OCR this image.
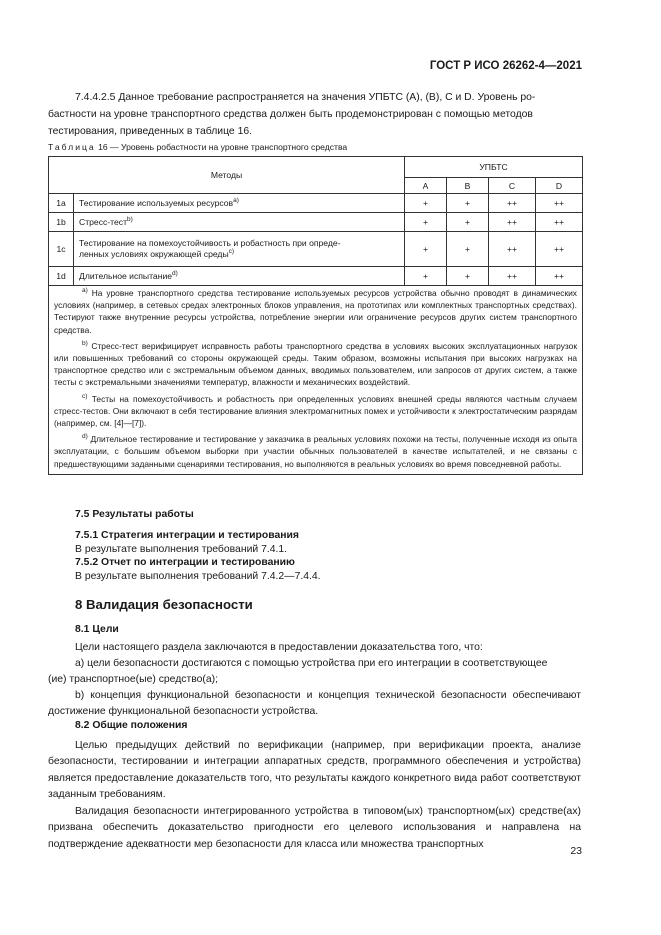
ГОСТ Р ИСО 26262-4—2021
7.4.4.2.5 Данное требование распространяется на значения УПБТС (A), (B), C и D. Уровень ро-
бастности на уровне транспортного средства должен быть продемонстрирован с помощью методов
тестирования, приведенных в таблице 16.
Таблица 16 — Уровень робастности на уровне транспортного средства
Методы		УПБТС			
		A	B	C	D
1a	Тестирование используемых ресурсов$^{a)}$	+	+	++	++
1b	Стресс-тест$^{b)}$	+	+	++	++
1c	Тестирование на помехоустойчивость и робастность при опреде-
ленных условиях окружающей среды$^{c)}$	+	+	++	++
1d	Длительное испытание$^{d)}$	+	+	++	++

$^{a)}$ На уровне транспортного средства тестирование используемых ресурсов устройства обычно проводят в динамических условиях (например, в сетевых средах электронных блоков управления, на прототипах или комплектных транспортных средствах). Тестируют также внутренние ресурсы устройства, потребление энергии или ограничение ресурсов других систем транспортного средства.
$^{b)}$ Стресс-тест верифицирует исправность работы транспортного средства в условиях высоких эксплуатационных нагрузок или повышенных требований со стороны окружающей среды. Таким образом, возможны испытания при высоких нагрузках на транспортное средство или с экстремальным объемом данных, вводимых пользователем, или запросов от других систем, а также тесты с экстремальными значениями температур, влажности и механических воздействий.
$^{c)}$ Тесты на помехоустойчивость и робастность при определенных условиях внешней среды являются частным случаем стресс-тестов. Они включают в себя тестирование влияния электромагнитных помех и устойчивости к электростатическим разрядам (например, см. [4]—[7]).
$^{d)}$ Длительное тестирование и тестирование у заказчика в реальных условиях похожи на тесты, полученные исходя из опыта эксплуатации, с большим объемом выборки при участии обычных пользователей в качестве испытателей, и не связаны с предшествующими заданными сценариями тестирования, но выполняются в реальных условиях во время повседневной работы.					
7.5 Результаты работы
7.5.1 Стратегия интеграции и тестирования
В результате выполнения требований 7.4.1.
7.5.2 Отчет по интеграции и тестированию
В результате выполнения требований 7.4.2—7.4.4.
8 Валидация безопасности
8.1 Цели
Цели настоящего раздела заключаются в предоставлении доказательства того, что:
а) цели безопасности достигаются с помощью устройства при его интеграции в соответствующее
(ие) транспортное(ые) средство(а);
b) концепция функциональной безопасности и концепция технической безопасности обеспечивают достижение функциональной безопасности устройства.
8.2 Общие положения
Целью предыдущих действий по верификации (например, при верификации проекта, анализе безопасности, тестировании и интеграции аппаратных средств, программного обеспечения и устройства) является предоставление доказательств того, что результаты каждого конкретного вида работ соответствуют заданным требованиям.
Валидация безопасности интегрированного устройства в типовом(ых) транспортном(ых) средстве(ах) призвана обеспечить доказательство пригодности его целевого использования и направлена на подтверждение адекватности мер безопасности для класса или множества транспортных
23
